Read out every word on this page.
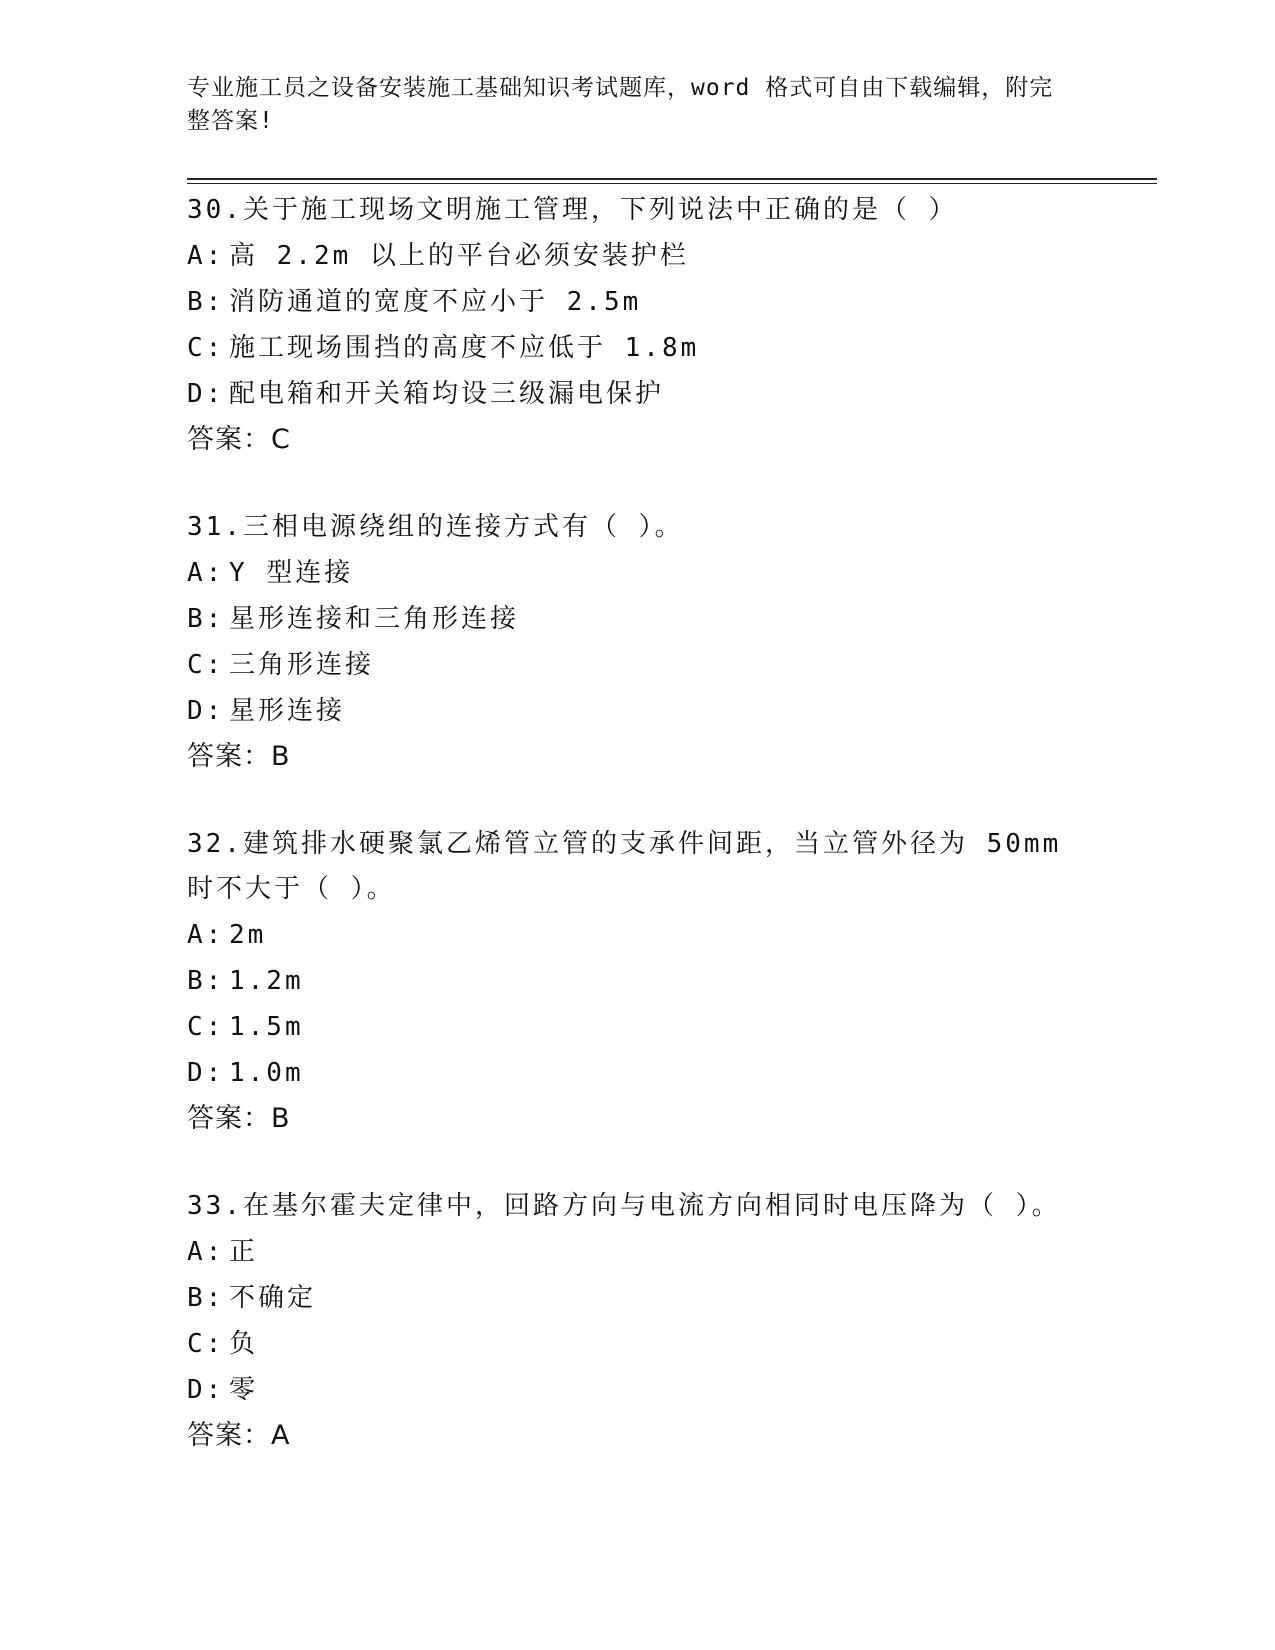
专业施工员之设备安装施工基础知识考试题库，word 格式可自由下载编辑，附完整答案!
30.关于施工现场文明施工管理，下列说法中正确的是（ ）
A: 高 2.2m 以上的平台必须安装护栏
B: 消防通道的宽度不应小于 2.5m
C: 施工现场围挡的高度不应低于 1.8m
D: 配电箱和开关箱均设三级漏电保护
答案：C
31.三相电源绕组的连接方式有（ ）。
A: Y 型连接
B: 星形连接和三角形连接
C: 三角形连接
D: 星形连接
答案：B
32.建筑排水硬聚氯乙烯管立管的支承件间距，当立管外径为 50mm 时不大于（ ）。
A: 2m
B: 1.2m
C: 1.5m
D: 1.0m
答案：B
33.在基尔霍夫定律中，回路方向与电流方向相同时电压降为（ ）。
A: 正
B: 不确定
C: 负
D: 零
答案：A
